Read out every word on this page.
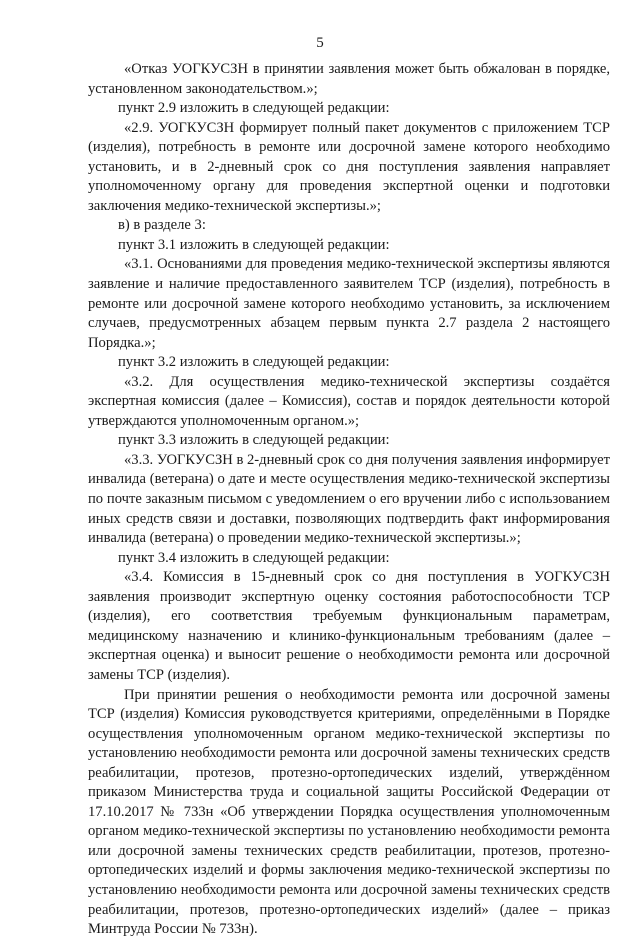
5

«Отказ УОГКУСЗН в принятии заявления может быть обжалован в порядке, установленном законодательством.»;

пункт 2.9 изложить в следующей редакции:

«2.9. УОГКУСЗН формирует полный пакет документов с приложением ТСР (изделия), потребность в ремонте или досрочной замене которого необходимо установить, и в 2-дневный срок со дня поступления заявления направляет уполномоченному органу для проведения экспертной оценки и подготовки заключения медико-технической экспертизы.»;

в) в разделе 3:

пункт 3.1 изложить в следующей редакции:

«3.1. Основаниями для проведения медико-технической экспертизы являются заявление и наличие предоставленного заявителем ТСР (изделия), потребность в ремонте или досрочной замене которого необходимо установить, за исключением случаев, предусмотренных абзацем первым пункта 2.7 раздела 2 настоящего Порядка.»;

пункт 3.2 изложить в следующей редакции:

«3.2. Для осуществления медико-технической экспертизы создаётся экспертная комиссия (далее – Комиссия), состав и порядок деятельности которой утверждаются уполномоченным органом.»;

пункт 3.3 изложить в следующей редакции:

«3.3. УОГКУСЗН в 2-дневный срок со дня получения заявления информирует инвалида (ветерана) о дате и месте осуществления медико-технической экспертизы по почте заказным письмом с уведомлением о его вручении либо с использованием иных средств связи и доставки, позволяющих подтвердить факт информирования инвалида (ветерана) о проведении медико-технической экспертизы.»;

пункт 3.4 изложить в следующей редакции:

«3.4. Комиссия в 15-дневный срок со дня поступления в УОГКУСЗН заявления производит экспертную оценку состояния работоспособности ТСР (изделия), его соответствия требуемым функциональным параметрам, медицинскому назначению и клинико-функциональным требованиям (далее – экспертная оценка) и выносит решение о необходимости ремонта или досрочной замены ТСР (изделия).

При принятии решения о необходимости ремонта или досрочной замены ТСР (изделия) Комиссия руководствуется критериями, определёнными в Порядке осуществления уполномоченным органом медико-технической экспертизы по установлению необходимости ремонта или досрочной замены технических средств реабилитации, протезов, протезно-ортопедических изделий, утверждённом приказом Министерства труда и социальной защиты Российской Федерации от 17.10.2017 № 733н «Об утверждении Порядка осуществления уполномоченным органом медико-технической экспертизы по установлению необходимости ремонта или досрочной замены технических средств реабилитации, протезов, протезно-ортопедических изделий и формы заключения медико-технической экспертизы по установлению необходимости ремонта или досрочной замены технических средств реабилитации, протезов, протезно-ортопедических изделий» (далее – приказ Минтруда России № 733н).
